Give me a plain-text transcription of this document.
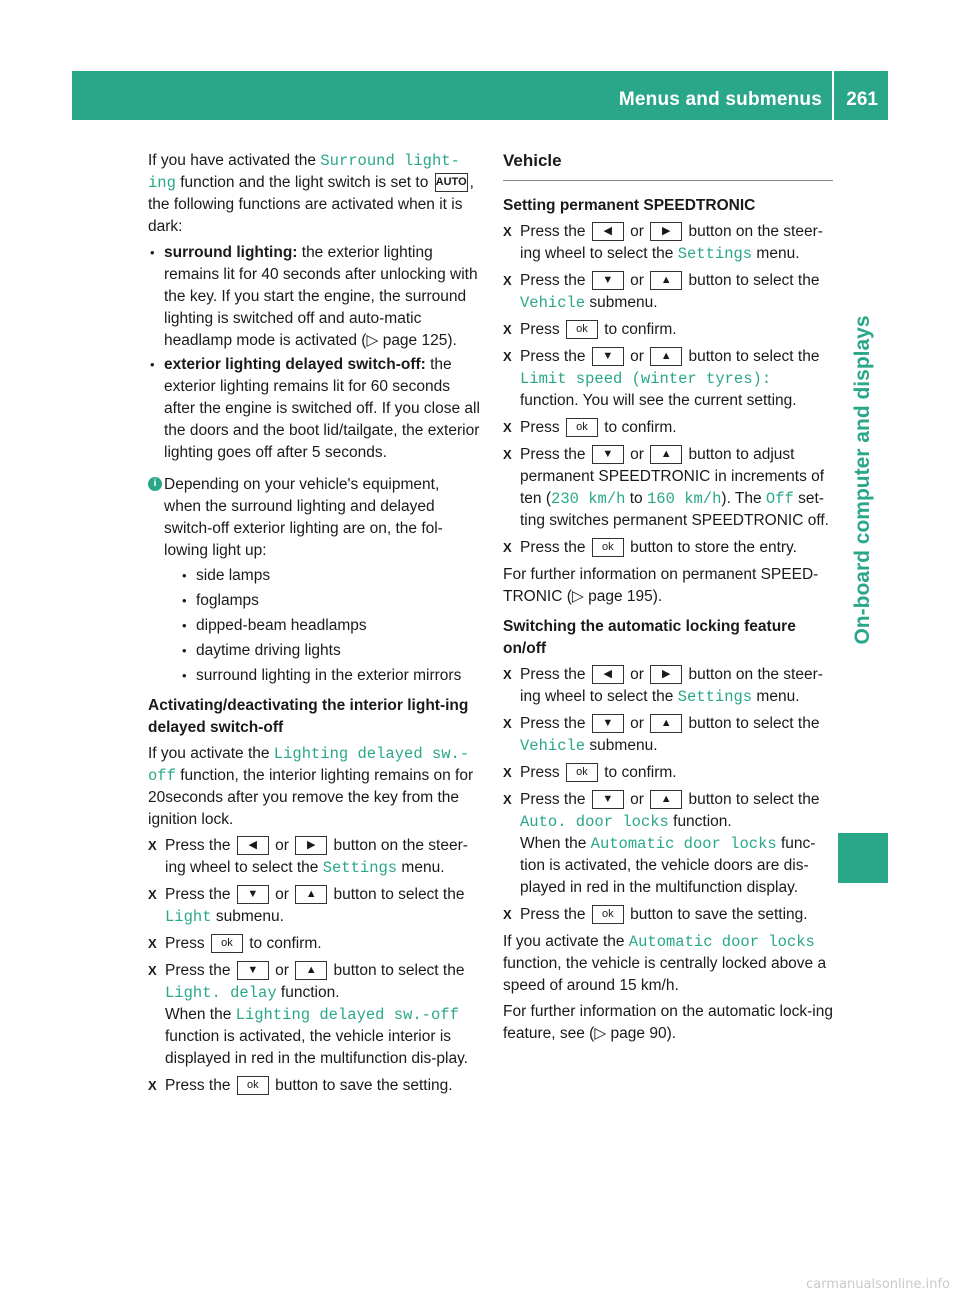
Menus and submenus 261
On-board computer and displays

If you have activated the Surround light-ing function and the light switch is set to AUTO , the following functions are activated when it is dark:

• surround lighting: the exterior lighting remains lit for 40 seconds after unlocking with the key. If you start the engine, the surround lighting is switched off and auto-matic headlamp mode is activated (▷ page 125).
• exterior lighting delayed switch-off: the exterior lighting remains lit for 60 seconds after the engine is switched off. If you close all the doors and the boot lid/tailgate, the exterior lighting goes off after 5 seconds.
i Depending on your vehicle's equipment, when the surround lighting and delayed switch-off exterior lighting are on, the fol-lowing light up:
• side lamps
• foglamps
• dipped-beam headlamps
• daytime driving lights
• surround lighting in the exterior mirrors
Activating/deactivating the interior light-ing delayed switch-off

If you activate the Lighting delayed sw.-off function, the interior lighting remains on for 20seconds after you remove the key from the ignition lock.

X Press the ◀ or ▶ button on the steer-ing wheel to select the Settings menu.
X Press the ▼ or ▲ button to select the Light submenu.
X Press ok to confirm.
X Press the ▼ or ▲ button to select the Light. delay function.
When the Lighting delayed sw.-off function is activated, the vehicle interior is displayed in red in the multifunction dis-play.
X Press the ok button to save the setting.
Vehicle
Setting permanent SPEEDTRONIC
X Press the ◀ or ▶ button on the steer-ing wheel to select the Settings menu.
X Press the ▼ or ▲ button to select the Vehicle submenu.
X Press ok to confirm.
X Press the ▼ or ▲ button to select the Limit speed (winter tyres): function. You will see the current setting.
X Press ok to confirm.
X Press the ▼ or ▲ button to adjust permanent SPEEDTRONIC in increments of ten (230 km/h to 160 km/h). The Off set-ting switches permanent SPEEDTRONIC off.
X Press the ok button to store the entry.

For further information on permanent SPEED-TRONIC (▷ page 195).

Switching the automatic locking feature on/off
X Press the ◀ or ▶ button on the steer-ing wheel to select the Settings menu.
X Press the ▼ or ▲ button to select the Vehicle submenu.
X Press ok to confirm.
X Press the ▼ or ▲ button to select the Auto. door locks function.
When the Automatic door locks func-tion is activated, the vehicle doors are dis-played in red in the multifunction display.
X Press the ok button to save the setting.

If you activate the Automatic door locks function, the vehicle is centrally locked above a speed of around 15 km/h.

For further information on the automatic lock-ing feature, see (▷ page 90).

carmanualsonline.info
